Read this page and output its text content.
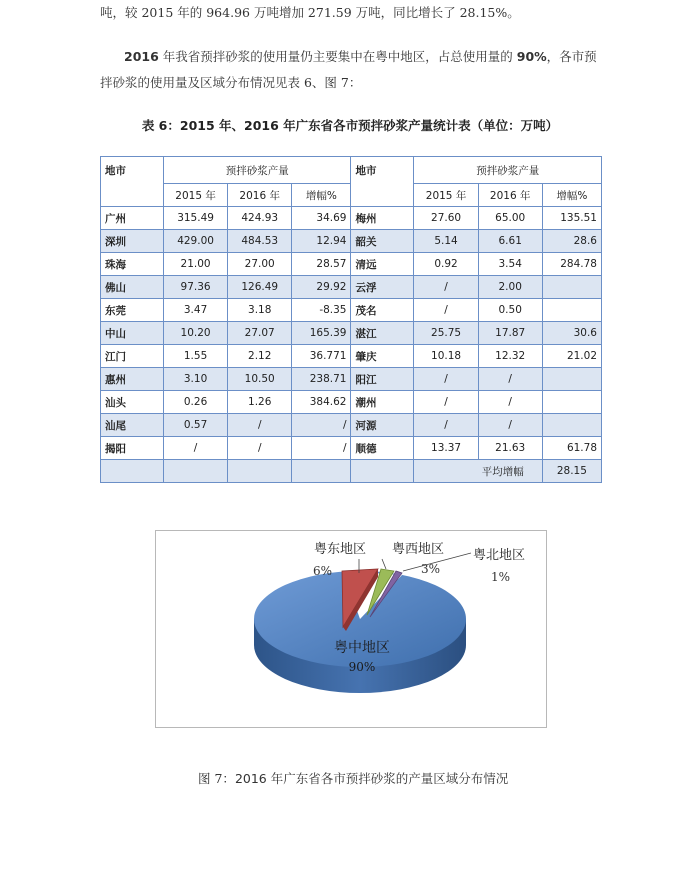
吨，较 2015 年的 964.96 万吨增加 271.59 万吨，同比增长了 28.15%。
2016 年我省预拌砂浆的使用量仍主要集中在粤中地区，占总使用量的 90%，各市预拌砂浆的使用量及区域分布情况见表 6、图 7：
表 6：2015 年、2016 年广东省各市预拌砂浆产量统计表（单位：万吨）
地市	预拌砂浆产量			地市	预拌砂浆产量		
	2015 年	2016 年	增幅%		2015 年	2016 年	增幅%
广州	315.49	424.93	34.69	梅州	27.60	65.00	135.51
深圳	429.00	484.53	12.94	韶关	5.14	6.61	28.6
珠海	21.00	27.00	28.57	清远	0.92	3.54	284.78
佛山	97.36	126.49	29.92	云浮	/	2.00	
东莞	3.47	3.18	-8.35	茂名	/	0.50	
中山	10.20	27.07	165.39	湛江	25.75	17.87	30.6
江门	1.55	2.12	36.771	肇庆	10.18	12.32	21.02
惠州	3.10	10.50	238.71	阳江	/	/	
汕头	0.26	1.26	384.62	潮州	/	/	
汕尾	0.57	/	/	河源	/	/	
揭阳	/	/	/	顺德	13.37	21.63	61.78
					平均增幅		28.15
粤东地区
6%
粤西地区
3%
粤北地区
1%
粤中地区
90%
图 7：2016 年广东省各市预拌砂浆的产量区域分布情况
